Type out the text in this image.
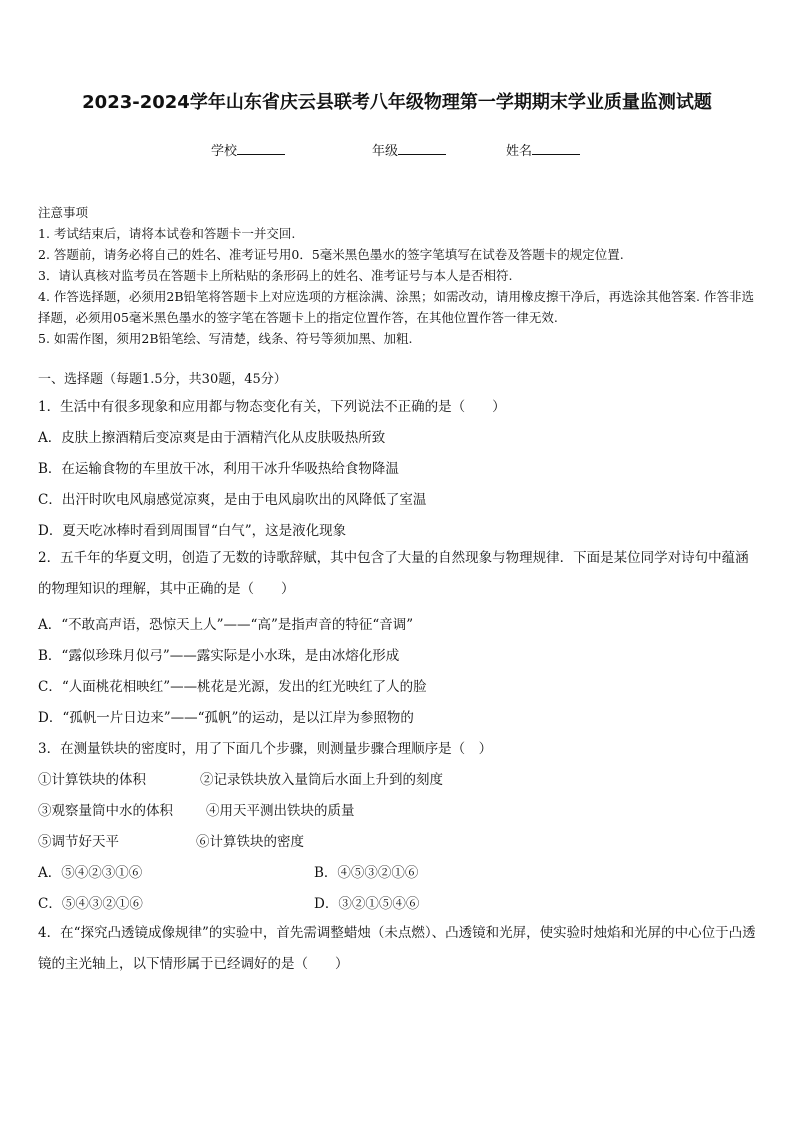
2023-2024学年山东省庆云县联考八年级物理第一学期期末学业质量监测试题
学校	年级	姓名
注意事项
1. 考试结束后，请将本试卷和答题卡一并交回.
2. 答题前，请务必将自己的姓名、准考证号用0．5毫米黑色墨水的签字笔填写在试卷及答题卡的规定位置.
3．请认真核对监考员在答题卡上所粘贴的条形码上的姓名、准考证号与本人是否相符.
4. 作答选择题，必须用2B铅笔将答题卡上对应选项的方框涂满、涂黑；如需改动，请用橡皮擦干净后，再选涂其他答案. 作答非选择题，必须用05毫米黑色墨水的签字笔在答题卡上的指定位置作答，在其他位置作答一律无效.
5. 如需作图，须用2B铅笔绘、写清楚，线条、符号等须加黑、加粗.
一、选择题（每题1.5分，共30题，45分）
1．生活中有很多现象和应用都与物态变化有关，下列说法不正确的是（　　）
A．皮肤上擦酒精后变凉爽是由于酒精汽化从皮肤吸热所致
B．在运输食物的车里放干冰，利用干冰升华吸热给食物降温
C．出汗时吹电风扇感觉凉爽，是由于电风扇吹出的风降低了室温
D．夏天吃冰棒时看到周围冒“白气”，这是液化现象
2．五千年的华夏文明，创造了无数的诗歌辞赋，其中包含了大量的自然现象与物理规律．下面是某位同学对诗句中蕴涵的物理知识的理解，其中正确的是（　　）
A．“不敢高声语，恐惊天上人”——“高”是指声音的特征“音调”
B．“露似珍珠月似弓”——露实际是小水珠，是由冰熔化形成
C．“人面桃花相映红”——桃花是光源，发出的红光映红了人的脸
D．“孤帆一片日边来”——“孤帆”的运动，是以江岸为参照物的
3．在测量铁块的密度时，用了下面几个步骤，则测量步骤合理顺序是（　）
①计算铁块的体积	②记录铁块放入量筒后水面上升到的刻度
③观察量筒中水的体积 ④用天平测出铁块的质量
⑤调节好天平	⑥计算铁块的密度
A．⑤④②③①⑥	B．④⑤③②①⑥
C．⑤④③②①⑥	D．③②①⑤④⑥
4．在“探究凸透镜成像规律”的实验中，首先需调整蜡烛（未点燃）、凸透镜和光屏，使实验时烛焰和光屏的中心位于凸透镜的主光轴上，以下情形属于已经调好的是（　　）
